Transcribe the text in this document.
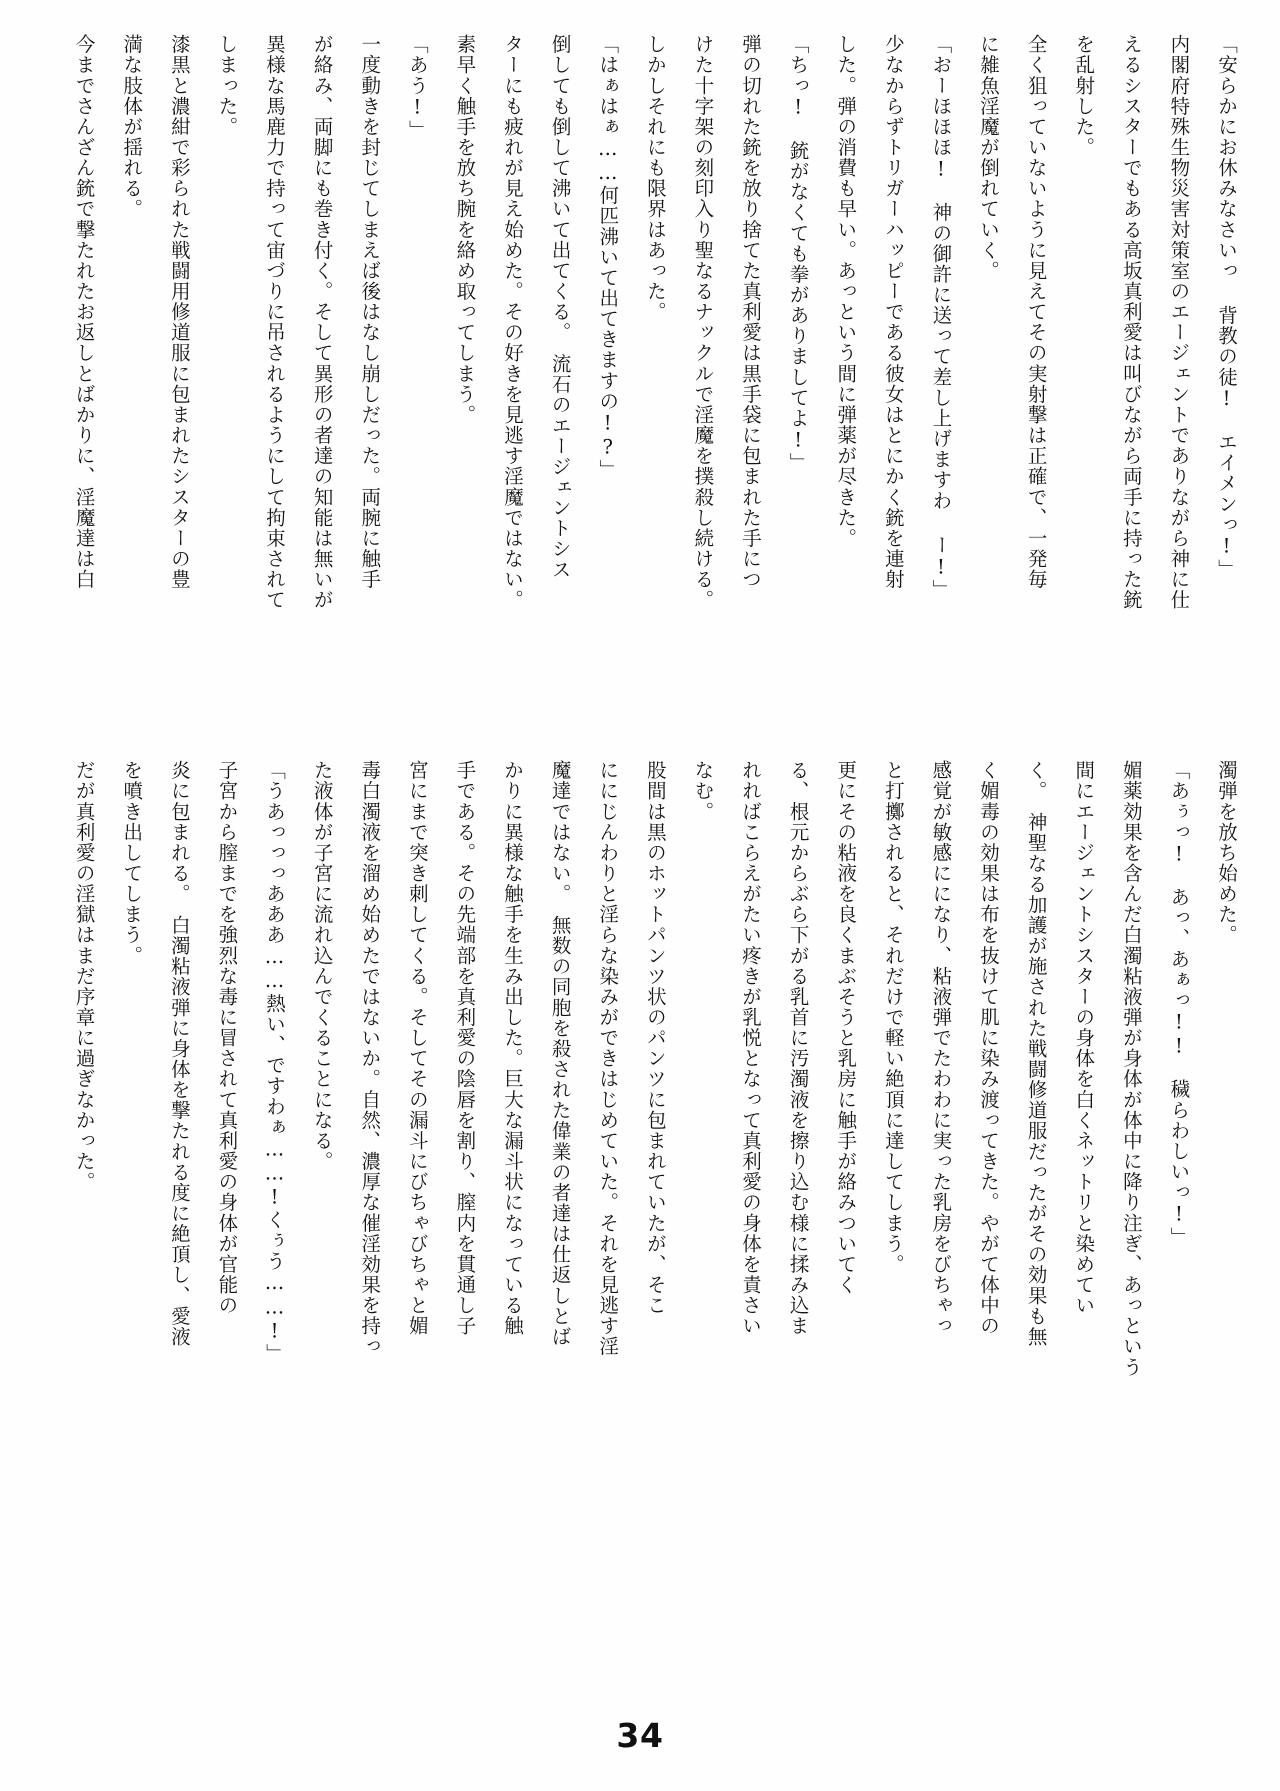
「安らかにお休みなさいっ 背教の徒!　エイメンっ!」
内閣府特殊生物災害対策室のエージェントでありながら神に仕
えるシスターでもある高坂真利愛は叫びながら両手に持った銃
を乱射した。
全く狙っていないように見えてその実射撃は正確で、一発毎
に雑魚淫魔が倒れていく。
「おーほほほ!　神の御許に送って差し上げますわ ー!」
少なからずトリガーハッピーである彼女はとにかく銃を連射
した。弾の消費も早い。あっという間に弾薬が尽きた。
「ちっ!　銃がなくても拳がありましてよ!」
弾の切れた銃を放り捨てた真利愛は黒手袋に包まれた手につ
けた十字架の刻印入り聖なるナックルで淫魔を撲殺し続ける。
しかしそれにも限界はあった。
「はぁはぁ……何匹沸いて出てきますの!?」
倒しても倒して沸いて出てくる。　流石のエージェントシス
ターにも疲れが見え始めた。その好きを見逃す淫魔ではない。
素早く触手を放ち腕を絡め取ってしまう。
「あう!」
一度動きを封じてしまえば後はなし崩しだった。両腕に触手
が絡み、両脚にも巻き付く。そして異形の者達の知能は無いが
異様な馬鹿力で持って宙づりに吊されるようにして拘束されて
しまった。
漆黒と濃紺で彩られた戦闘用修道服に包まれたシスターの豊
満な肢体が揺れる。
今までさんざん銃で撃たれたお返しとばかりに、淫魔達は白
濁弾を放ち始めた。
「あぅっ!　あっ、あぁっ!!　穢らわしいっ!」
媚薬効果を含んだ白濁粘液弾が身体が体中に降り注ぎ、あっという
間にエージェントシスターの身体を白くネットリと染めてい
く。　神聖なる加護が施された戦闘修道服だったがその効果も無
く媚毒の効果は布を抜けて肌に染み渡ってきた。やがて体中の
感覚が敏感にになり、粘液弾でたわわに実った乳房をびちゃっ
と打擲されると、それだけで軽い絶頂に達してしまう。
更にその粘液を良くまぶそうと乳房に触手が絡みついてく
る、根元からぶら下がる乳首に汚濁液を擦り込む様に揉み込ま
れればこらえがたい疼きが乳悦となって真利愛の身体を責さい
なむ。
股間は黒のホットパンツ状のパンツに包まれていたが、そこ
ににじんわりと淫らな染みができはじめていた。それを見逃す淫
魔達ではない。　無数の同胞を殺された偉業の者達は仕返しとば
かりに異様な触手を生み出した。巨大な漏斗状になっている触
手である。その先端部を真利愛の陰唇を割り、膣内を貫通し子
宮にまで突き刺してくる。そしてその漏斗にびちゃびちゃと媚
毒白濁液を溜め始めたではないか。自然、濃厚な催淫効果を持っ
た液体が子宮に流れ込んでくることになる。
「うあっっっあああ……熱い、ですわぁ……!くぅう……!」
子宮から膣までを強烈な毒に冒されて真利愛の身体が官能の
炎に包まれる。　白濁粘液弾に身体を撃たれる度に絶頂し、愛液
を噴き出してしまう。
だが真利愛の淫獄はまだ序章に過ぎなかった。
34
